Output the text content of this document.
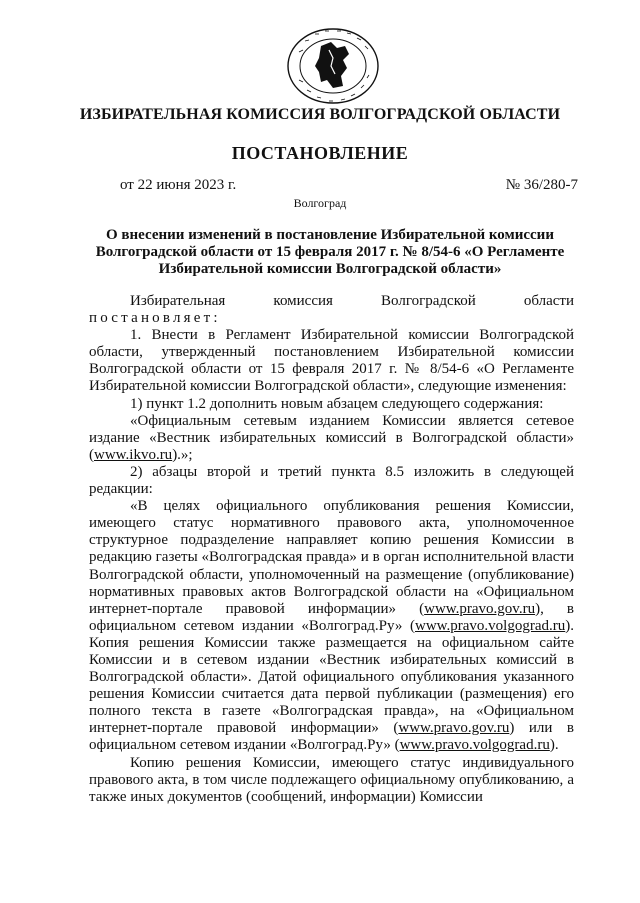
ИЗБИРАТЕЛЬНАЯ КОМИССИЯ ВОЛГОГРАДСКОЙ ОБЛАСТИ
ПОСТАНОВЛЕНИЕ
от 22 июня 2023 г.	№ 36/280-7
Волгоград
О внесении изменений в постановление Избирательной комиссии Волгоградской области от 15 февраля 2017 г. № 8/54-6 «О Регламенте Избирательной комиссии Волгоградской области»

Избирательная комиссия Волгоградской области

постановляет:

1. Внести в Регламент Избирательной комиссии Волгоградской области, утвержденный постановлением Избирательной комиссии Волгоградской области от 15 февраля 2017 г. № 8/54-6 «О Регламенте Избирательной комиссии Волгоградской области», следующие изменения:

1) пункт 1.2 дополнить новым абзацем следующего содержания:

«Официальным сетевым изданием Комиссии является сетевое издание «Вестник избирательных комиссий в Волгоградской области» (www.ikvo.ru).»;

2) абзацы второй и третий пункта 8.5 изложить в следующей редакции:

«В целях официального опубликования решения Комиссии, имеющего статус нормативного правового акта, уполномоченное структурное подразделение направляет копию решения Комиссии в редакцию газеты «Волгоградская правда» и в орган исполнительной власти Волгоградской области, уполномоченный на размещение (опубликование) нормативных правовых актов Волгоградской области на «Официальном интернет-портале правовой информации» (www.pravo.gov.ru), в официальном сетевом издании «Волгоград.Ру» (www.pravo.volgograd.ru). Копия решения Комиссии также размещается на официальном сайте Комиссии и в сетевом издании «Вестник избирательных комиссий в Волгоградской области». Датой официального опубликования указанного решения Комиссии считается дата первой публикации (размещения) его полного текста в газете «Волгоградская правда», на «Официальном интернет-портале правовой информации» (www.pravo.gov.ru) или в официальном сетевом издании «Волгоград.Ру» (www.pravo.volgograd.ru).

Копию решения Комиссии, имеющего статус индивидуального правового акта, в том числе подлежащего официальному опубликованию, а также иных документов (сообщений, информации) Комиссии
